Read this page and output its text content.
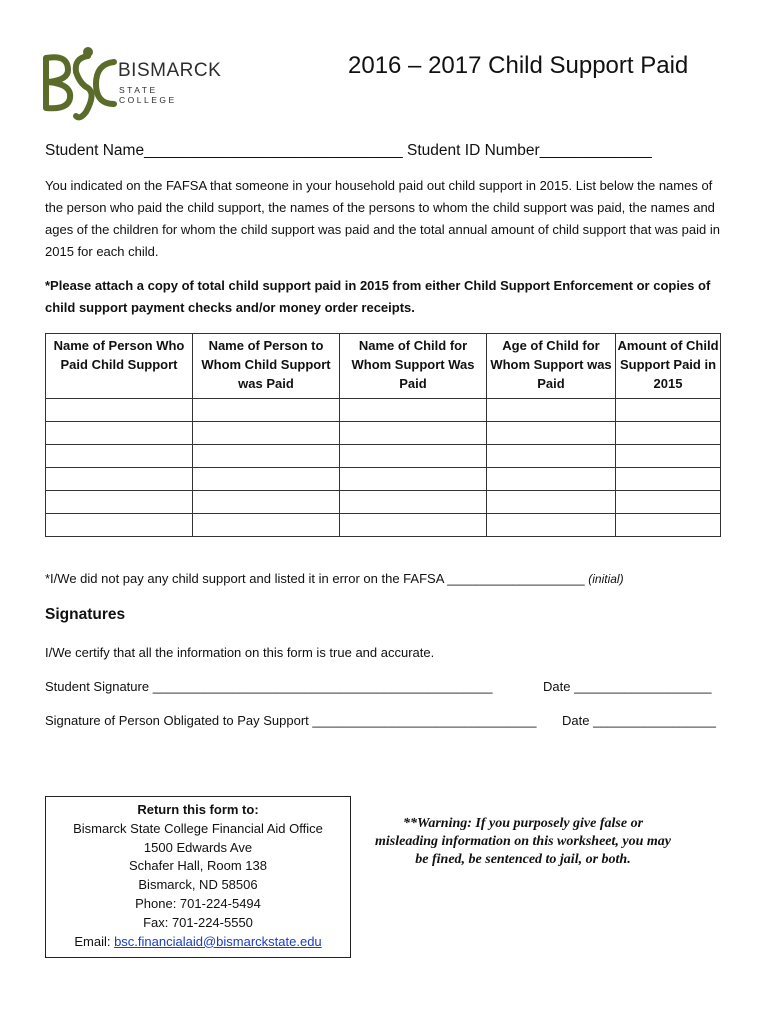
BISMARCK
STATE COLLEGE
2016 – 2017 Child Support Paid
Student Name______________________________ Student ID Number_____________
You indicated on the FAFSA that someone in your household paid out child support in 2015. List below the names of the person who paid the child support, the names of the persons to whom the child support was paid, the names and ages of the children for whom the child support was paid and the total annual amount of child support that was paid in 2015 for each child.
*Please attach a copy of total child support paid in 2015 from either Child Support Enforcement or copies of child support payment checks and/or money order receipts.
Name of Person Who Paid Child Support	Name of Person to Whom Child Support was Paid	Name of Child for Whom Support Was Paid	Age of Child for Whom Support was Paid	Amount of Child Support Paid in 2015

*I/We did not pay any child support and listed it in error on the FAFSA ___________________ (initial)
Signatures
I/We certify that all the information on this form is true and accurate.
Student Signature _______________________________________________	Date ___________________
Signature of Person Obligated to Pay Support _______________________________ Date _________________
Return this form to:
Bismarck State College Financial Aid Office
1500 Edwards Ave
Schafer Hall, Room 138
Bismarck, ND 58506
Phone: 701-224-5494
Fax: 701-224-5550
Email: bsc.financialaid@bismarckstate.edu
**Warning: If you purposely give false or misleading information on this worksheet, you may be fined, be sentenced to jail, or both.
